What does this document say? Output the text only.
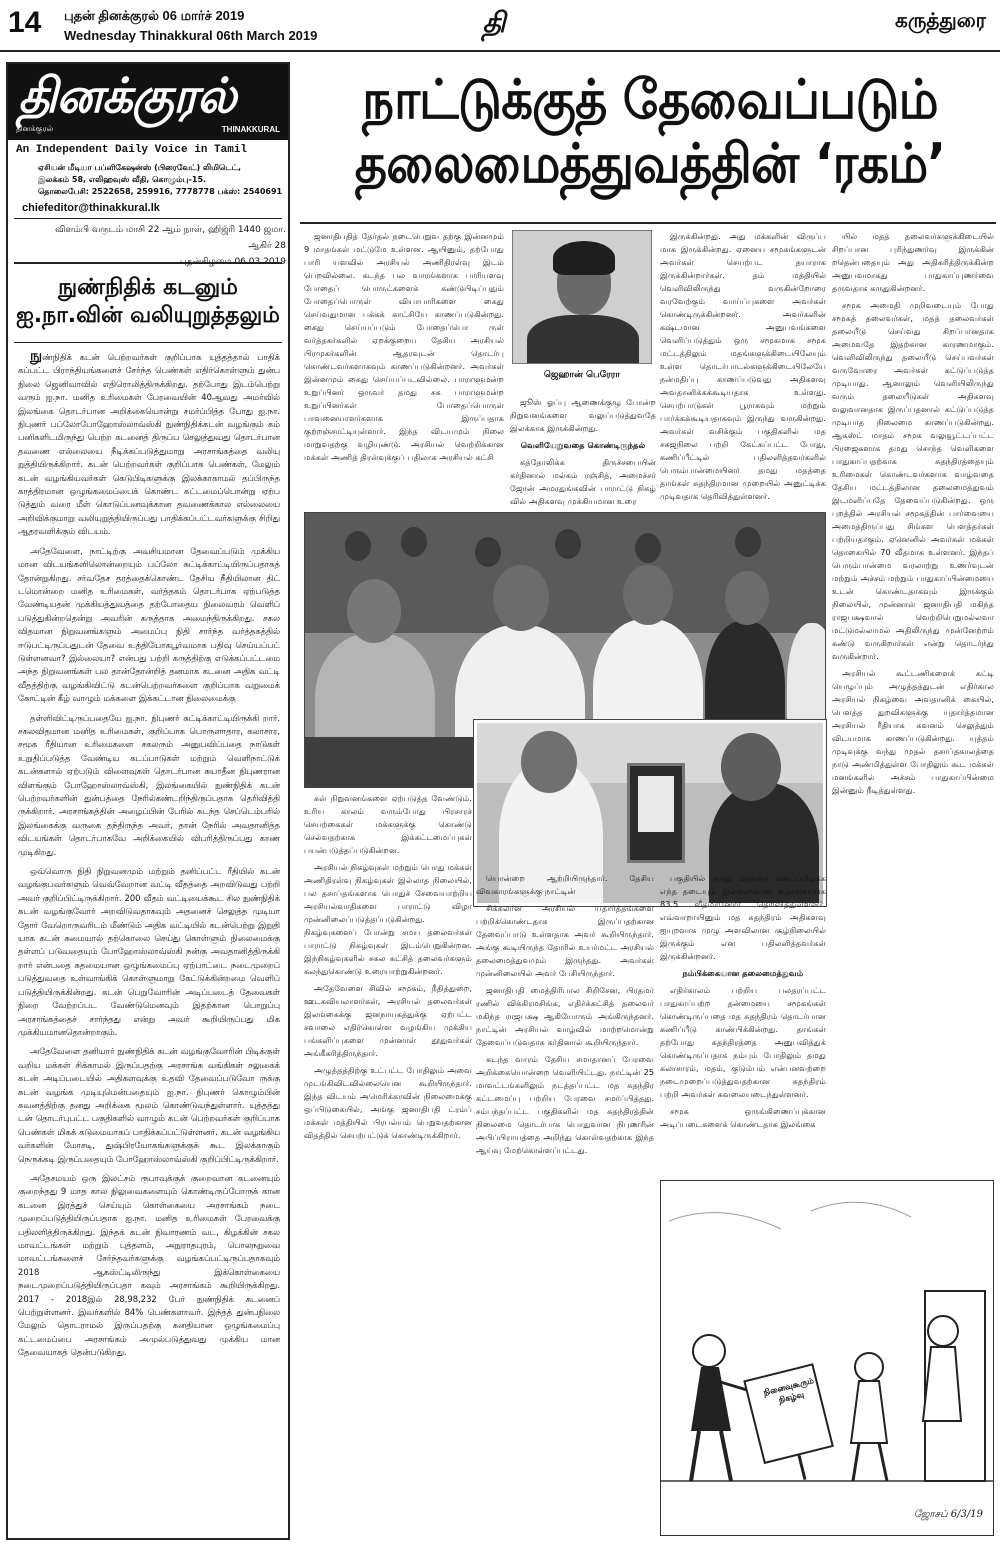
14 புதன் தினக்குரல் 06 மார்ச் 2019
Wednesday Thinakkural 06th March 2019	தி	கருத்துரை
தினக்குரல்
தினக்குரல்	THINAKKURAL
An Independent Daily Voice in Tamil
ஏசியன் மீடியா பப்ளிகேஷன்ஸ் (பிரைவேட்) லிமிடெட்,
இலக்கம் 58, எலிஹவுஸ் வீதி, கொழும்பு-15.
தொலைபேசி: 2522658, 259916, 7778778 பக்ஸ்: 2540691
chiefeditor@thinakkural.lk
விளம்பி வருடம் மாசி 22 ஆம் நாள், ஹிஜ்ரி 1440 ஜமா. ஆகிர் 28
புதன்கிழமை 06.03.2019
நுண்நிதிக் கடனும்
ஐ.நா.வின் வலியுறுத்தலும்

நுண்நிதிக் கடன் பெற்றவர்கள் குறிப்பாக யுத்தத்தால் பாதிக் கப்பட்ட பிராந்தியங்களைச் சேர்ந்த பெண்கள் எதிர்கொள்ளும் துன்ப நிலை ஜெனிவாவில் எதிரொலித்திருக்கிறது. தற்போது இடம்பெற்று வரும் ஐ.நா. மனித உரிமைகள் பேரவையின் 40ஆவது அமர்வில் இலங்கை தொடர்பான அறிக்கையொன்று சமர்ப்பித்த போது ஐ.நா. நிபுணர் பப்லோபோஹோஸ்லாவ்ஸ்கி நுண்நிதிக்கடன் வழங்கும் கம் பனிகளிடமிருந்து பெற்ற கடனைத் திருப்ப செலுத்துவது தொடர்பான தவணை எல்லையை நீடிக்கப்படுத்துமாறு அரசாங்கத்தை வலியு றுத்தியிருக்கிறார். கடன் பெற்றவர்கள் குறிப்பாக பெண்கள், மேலும் கடன் வழங்கியவர்கள் கெடுபிடிகளுக்கு இலக்காகாமல் தப்பிருந்த காத்திரமான ஒழுங்கமைப்பைக் கொண்ட கட்டமைப்பொன்று ஏற்ப டுத்தும் வரை மீள் கொடுப்பனவுக்கான தவணைக்கால எல்லையை அறிவிக்குமாறு வலியுறுத்தியிருப்பது பாதிக்கப்பட்டவர்களுக்கு சிறிது ஆதரவளிக்கும் விடயம்.

அதேவேளை, நாட்டிற்கு அவசியமான தேவைப்படும் முக்கிய மான விடயங்களிலொன்றையும் பப்லோ சுட்டிக்காட்டியிருப்பதாகத் தோன்றுகிறது. சர்வதேச தரத்தைக்கொண்ட தேசிய நீதியிலான திட் டமொன்றை மனித உரிமைகள், வர்த்தகம் தொடர்பாக ஏற்படுத்த வேண்டியதன் முக்கியத்துவத்தை தற்போதைய நிலைவரம் வெளிப் படுத்துகின்றதென்று அவரின் கருத்தாக அமைந்திருக்கிறது. சகல விதமான நிறுவனங்களும் அமைப்பு நிதி சார்ந்த வர்த்தகத்தில் ஈடுபட்டிருப்பதுடன் தேவை உத்தியோகபூர்வமாக பதிவு செய்யப்பட் டுள்ளனவா? இல்லையா? என்பது பற்றி கருத்திற்கு எடுக்கப்பட்டமை அந்த நிறுவனங்கள் பல தான்தோன்றித் தனமாக கடனை அதிக வட்டி வீதத்திற்கு வழங்கிவிட்டு கடன்பெற்றவர்களை குறிப்பாக வறுமைக் கோட்டின் கீழ் வாழும் மக்களை இக்கட்டான நிலைமைக்கு

தள்ளிவிட்டிருப்பதையே ஐ.நா. நிபுணர் சுட்டிக்காட்டியிருக்கி றார். சகலவிதமான மனித உரிமைகள், குறிப்பாக பொருளாதார, கலாசார, சமூக ரீதியான உரிமைகளை சகலரும் அனுபவிப்பதை நாடுகள் உறுதிப்படுத்த வேண்டிய கடப்பாடுகள் மற்றும் வெளிநாட்டுக் கடன்களால் ஏற்படும் விளைவுகள் தொடர்பான சுயாதீன நிபுணரான விளங்கும் போஹோஸ்லாவ்ஸ்கி, இலங்கையில் நுண்நிதிக் கடன் பெற்றவர்களின் துன்பத்தை நேரில்கண்டறிந்திருப்பதாக தெரிவித்தி ருக்கிறார். அரசாங்கத்தின் அழைப்பின் பேரில் கடந்த செப்டெம்பரில் இலங்கைக்கு வருகை தந்திருந்த அவர், தான் நேரில் அவதானித்த விடயங்கள் தொடர்பாகவே அறிக்கையில் விபரித்திருப்பது காண முடிகிறது.

ஒவ்வொரு நிதி நிறுவனமும் மற்றும் தனிப்பட்ட ரீதியில் கடன் வழங்குபவர்களும் வெவ்வேறான வட்டி வீதத்தை அறவிடுவது பற்றி அவர் குறிப்பிட்டிருக்கிறார். 200 வீதம் வட்டியைக்கூட சில நுண்நிதிக் கடன் வழங்குவோர் அறவிடுவதாகவும் அதனைச் செலுத்த முடியா தோர் வேறொருவரிடம் மீண்டும் அதிக வட்டியில் கடன்பெற்று இறுதி யாக கடன் சுமையால் தற்கொலை செய்து கொள்ளும் நிலைமைக்கு தள்ளப் படுவதையும் போஹோஸ்லாவ்ஸ்கி நன்கு அவதானித்திருக்கி றார் என்பதை சுதமையான ஒழுங்கமைப்பு ஏற்பாட்டை நடைமுறைப் படுத்துவதை உள்வாங்கிக் கொள்ளுமாறு கேட்டுக்கின்றமை வெளிப் படுத்தியிருக்கின்றது. கடன் பெறுவோரின் அடிப்படைத் தேவைகள் நிறை வேற்றப்பட வேண்டுமெனவும் இதற்கான பொறுப்பு அரசாங்கத்தைச் சார்ந்தது என்று அவர் கூறியிருப்பது மிக முக்கியமானதொன்றாகும்.

அதேவேளை தனியார் நுண்நிதிக் கடன் வழங்குவோரின் பிடிக்குள் வறிய மக்கள் சிக்காமல் இருப்பதற்கு அரசாங்க வங்கிகள் சலுகைக் கடன் அடிப்படையில் அதிகளவுக்கு உதவி தேவைப்படுவோ ருக்கு கடன் வழங்க முடியுமென்பதையும் ஐ.நா. நிபுணர் கொழும்பின் கவனத்திற்கு தனது அறிக்கை மூலம் கொண்டுவந்துள்ளார். யுத்தத்து டன் தொடர்புபட்ட பகுதிகளில் வாழும் கடன் பெற்றவர்கள் குறிப்பாக பெண்கள் மிகக் கடுமையாகப் பாதிக்கப்பட்டுள்ளனர். கடன் வழங்கிய வர்களின் மோசடி, துஷ்பிரயோகங்களுக்குக் கூட இலக்காகும் நெருக்கடி இருப்பதையும் போஹோஸ்லாவ்ஸ்கி குறிப்பிட்டிருக்கிறார்.

அதேசமயம் ஒரு இலட்சம் ரூபாவுக்குக் குறைவான கடனையும் குறைந்தது 9 மாத கால நிலுவைகளையும் கொண்டிருப்போருக் கான கடனை இரத்துச் செய்யும் கொள்கையை அரசாங்கம் நடை முறைப்படுத்தியிருப்பதாக ஐ.நா. மனித உரிமைகள் பேரவைக்கு பதிலளித்திருக்கிறது. இந்தக் கடன் நிவாரணம் வட, கிழக்கின் சகல மாவட்டங்கள் மற்றும் புத்தளம், அநுராதபுரம், பொலநறுவை மாவட்டங்களைச் சேர்ந்தவர்களுக்கு வழங்கப்பட்டிருப்பதாகவும் 2018 ஆகஸ்ட்டிலிருந்து இக்கொள்கையை நடைமுறைப்படுத்தியிருப்பதா கவும் அரசாங்கம் கூறியிருக்கிறது. 2017 - 2018இல் 28,98,232 பேர் நுண்நிதிக் கடனைப் பெற்றுள்ளனர். இவர்களில் 84% பெண்களாவர். இந்தத் துன்பநிலை மேலும் தொடராமல் இருப்பதற்கு கனதியான ஒழுங்கமைப்பு கட்டமைப்பை அரசாங்கம் அமுல்படுத்துவது முக்கிய மான தேவையாகத் தென்படுகிறது.

நாட்டுக்குத் தேவைப்படும்
தலைமைத்துவத்தின் ‘ரகம்’

ஜனாதிபதித் தேர்தல் நடைபெறுவ தற்கு இன்னமும் 9 மாதங்கள் மட்டுமே உள்ளன. ஆயினும், தற்போது பாரி யளவில் அரசியல் அணிதிரள்வு இடம் பெறவில்லை. கடந்த பல வாரங்களாக பாரியளவு போதைப் பொருட்களைக் கண்டுபிடிப்பதும் போதைப்பொருள் வியாபாரிகளை கைது செய்வதுமான பக்கக் காட்சியே காணப்படுகின்றது. கைது செய்யப்படும் போதைப்பொ ருள் வர்த்தகர்களில் ஏறக்குறைய தேசிய அரசியல் பிரமுகர்களின் ஆதரவுடன் தொடர்பு கொண்டவர்களாகவும் காணப்படுகின்றனர். அவர்கள் இன்னமும் கைது செய்யப்படவில்லை. பாராளுமன்ற உறுப்பினர் ஒருவர் தமது சக பாராளுமன்ற உறுப்பினர்கள் போதைப்பொருள் பாவனையாளர்களாக இருப்பதாக குற்றஞ்சாட்டியுள்ளார். இந்த விடயமும் நிலை மாறுவதற்கு வழியுண்டு. அரசியல் வெற்றிக்கான மக்கள் அணித் திரள்வுக்குப் பதிலாக அரசியல் கட்சி

ஜெஹான் பெரேரா

ஜூஸ் ஓப்பு ஆணைக்குழு போன்ற நிறுவனங்களை வலுப்படுத்துவதே இலக்காக இருக்கின்றது.

வெளியேறுவதை கொண்டிருந்தல்

கத்தோலிக்க திருச்சபையின் கர்தினால் மல்கம் ரஞ்சித், அமைச்சர் ஜோன் அமரதுங்கவின் பாராட்டு நிகழ் வில் அதிகளவு முக்கியமான உரை

இருக்கின்றது. அது மக்களின் விருப்ப மாக இருக்கின்றது. ஏனைய சமூகங்களுடன் அவர்கள் செயற்பட தயாராக இருக்கின்றார்கள். தம் மத்தியில் வெளிவிலிருந்து வருகின்றோரை வரவேற்கும் வாய்ப்புகளை அவர்கள் கொண்டிருக்கின்றனர். அவர்களின் கஷ்டமான அனுபவங்களை வெளிப்படுத்தும் ஒரு சமூகமாக சமூக மட்டத்திலும் மதங்களுக்கிடையிலேயும் உள்ள தொடர்பாடல்களுக்கிடையிலேயே நன்மதிப்பு காணப்படுவது அதிகளவு அவதானிக்கக்கூடியதாக உள்ளது. செயற்பாடுகள் பூராகவும் மற்றும் பார்க்கக்கூடியதாகவும் இருந்து வருகின்றது. அவர்கள் வசிக்கும் பகுதிகளில் மத சகஜநிலை பற்றி கேட்கப்பட்ட போது, கணிப்பீட்டில் பதிலளித்தவர்களில் பெரும்பான்மையினர் தமது மதத்தை தாங்கள் சுதந்திரமான முறையில் அனுட்டிக்க முடிவதாக தெரிவித்துள்ளனர்.

யில் மதத் தலைவர்களுக்கிடையில் சிறப்பான புரிந்துணர்வு இருக்கின் றதென்பதையும் அது அதிகரித்திருக்கின்ற அனுபவமாகது பாதுகாப்புணர்வை தருவதாக கருதுகின்றனர்.

சமூக அமைதி முறிவடையும் போது சமூகத் தலைவர்கள், மதத் தலைவர்கள் தலையீடு செய்வது சிறப்பானதாக அமைவதே இதற்கான காரணமாகும். வெளிவிலிருந்து தலையீடு செய்பவர்கள் வருவோரை அவர்கள் கட்டுப்படுத்த முடியாது. ஆனாலும் வெளியிலிருந்து வரும் தலையீடுகள் அதிகளவு வலுவானதாக இருப்பதனால் கட்டுப்படுத்த முடியாத நிலைமை காணப்படுகின்றது. ஆகஸ்ட் மாதம் சமூக வலுவூட்டப்பட்ட பிரஜைகளாக தமது சொந்த வெளிகளை பாதுகாப்பதற்காக சுதந்திரத்தையும் உரிமைகள் கொண்டவர்களாக வாழ்வதை தேசிய மட்டத்திலான தலைமைத்துவம் இடமளிப்பதே தேவைப்படுகின்றது. ஒரு புறத்தில் அரசியல் சமூகத்தின் பார்வையை அமைத்திருப்பது சிங்கள பெளத்தர்கள் பற்றியதாகும். ஏனெனில் அவர்கள் மக்கள் தொகையில் 70 வீதமாக உள்ளனர். இந்தப் பெரும்பான்மை வரலாற்று உணர்வுடன் மற்றும் அச்சம் மற்றும் பாதுகாப்பின்மையை உடன் கொண்டதாகவும் இருக்கும் நிலையில், முன்னாள் ஜனாதிபதி மகிந்த ராஜபக்ஷவால் வெற்றிபெறுமல்லவா மட்டுமல்லாமல் அதிலிருந்து முன்னேற்றம் கண்டு வருகிறார்கள் என்று தொடர்ந்து வருகின்றார்.

அரசியல் கூட்டணிகளைக் கட்டி யெழுப்பும் அழுத்தத்துடன் எதிர்கால அரசியல் நிகழ்வை அவதானிக் கையில், பெளத்த துறவிகளுக்கு யுதார்த்தமான அரசியல் ரீதியாக கவனம் செலுத்தும் விடயமாக காணப்படுகின்றது. யுத்தம் முடிவுக்கு வந்து முதல் தசாப்தகாலத்தை நாடு அண்மித்துள்ள போதிலும் கூட மக்கள் மனங்களில் அச்சம் பாதுகாப்பின்மை இன்னும் நீடித்துள்ளது.

கள் நிறுவனங்களை ஏற்படுத்த வேண்டும். உரிய காலம் வரும்போது பிரசாரச் செயற்கைகள் மக்களுக்கு கொண்டு செல்வதற்காக இக்கட்டமைப்புகள் பயன்படுத்தப்படுகின்றன.

அரசியல் நிகழ்வுகள் மற்றும் பொது மக்கள் அணிதிரள்வு நிகழ்வுகள் இல்லாத நிலையில், பல தசாப்தங்களாக பொதுச் சேவையாற்றிய அரசியல்வாதிகளை பாராட்டு விழா முன்னிலைப்படுத்தப்படுகின்றது. நிகழ்வுகளைப் போன்று சமய தலைவர்கள் பாராட்டு நிகழ்வுகள் இடம்பெறுகின்றன. இந்நிகழ்வுகளில் சகல கட்சித் தலைவர்களும் கலந்துகொண்டு உரையாற்றுகின்றனர்.

அதேவேளை சிவில் சமூகம், நீதித்துறை, ஊடகவியலாளர்கள், அரசியல் தலைவர்கள் இலங்கைக்கு ஜனநாயகத்துக்கு ஏற்பட்ட சவாலை எதிர்கொள்ள வழங்கிய முக்கிய பங்களிப்புகளை முன்னாள் தூதுவர்கள் அங்கீகரித்திருந்தார்.

அழுத்தத்திற்கு உட்பட்ட போதிலும் அவை முடங்கிவிடவில்லையென கூறியிருந்தார். இந்த விடயம் அமெரிக்காவின் நிலைமைக்கு ஒப்பிடுகையில், அங்கு ஜனாதிபதி ட்ரம்ப் மக்கள் மத்தியில் பிரபல்யம் பெறுவதற்கான விதத்தில் செயற்பட்டுக் கொண்டிருக்கிறார்.

யொன்றை ஆற்றியிருந்தார். தேசிய விவகாரங்களுக்கு நாட்டின்

சிக்கலான அரசியல் யதார்த்தங்களை பற்றிக்கொண்டதாக இருப்பதற்கான தேவைப்பாடு உள்ளதாக அவர் கூறியிருந்தார். அங்கு கூடியிருந்த தோரில் உயர்மட்ட அரசியல் தலைமைத்துவமும் இருந்தது. அவர்கள் முன்னிலையில் அவர் பேசியிருந்தார்.

ஜனாதிபதி மைத்திரிபால சிறிசேன, பிரதமர் ரணில் விக்கிரமசிங்க, எதிர்க்கட்சித் தலைவர் மகிந்த ராஜபக்ஷ ஆகியோரும் அங்கிருந்தனர். நாட்டின் அரசியல் வாழ்வில் மாற்றமொன்று தேவைப்படுவதாக கர்தினால் கூறியிருந்தார்.

கடந்த வாரம் தேசிய சமாதானப் பேரவை அறிக்கையொன்றை வெளியிட்டது. நாட்டின் 25 மாவட்டங்களிலும் நடத்தப்பட்ட மத சுதந்திர கட்டமைப்பு பற்றிய பேரவை சமர்ப்பித்தது. சம்பந்தப்பட்ட பகுதிகளில் மத சுதந்திரத்தின் நிலைமை தொடர்பாக பொதுவான நிபுணரின் அபிப்பிராயத்தை அறிந்து கொள்வதற்காக இந்த ஆய்வு மேற்கொள்ளப்பட்டது.

பகுதியில் தமது மதத்தை கடைப்பிடிக்க எந்த தடையும் இல்லையென உதராணமாக 83.5 வீதமானோர் தெரிவித்துள்ளனர். எவ்வாறாயினும் மத சுதந்திரம் அதிகளவு ஐயுறவாக முழு அளவிலான சூழ்நிலையில் இருக்கும் என பதிலளித்தவர்கள் இருக்கின்றனர்.

நம்பிக்கையான தலைமைத்துவம்

எதிர்காலம் பற்றிய பலதரப்பட்ட பாதுகாப்பற்ற தன்மையை சமூகங்கள் கொண்டிருப்பதை மத சுதந்திரம் தொடர்பான கணிப்பீடு காண்பிக்கின்றது. தாங்கள் தற்போது சுதந்திரத்தை அனுபவித்துக் கொண்டிருப்பதாக நம்பும் போதிலும் தமது கலாசாரம், மதம், குடும்பம் என்பனவற்றை நடைமுறைப்படுத்துவதற்கான சுதந்திரம் பற்றி அவர்கள் கவலையடைந்துள்ளனர்.

சமூக ஒருங்கிணைப்புக்கான அடிப்படைகளைக் கொண்டதாக இலங்கை

நினைவுகூரும் நிகழ்வு
ஜோசப் 6/3/19
